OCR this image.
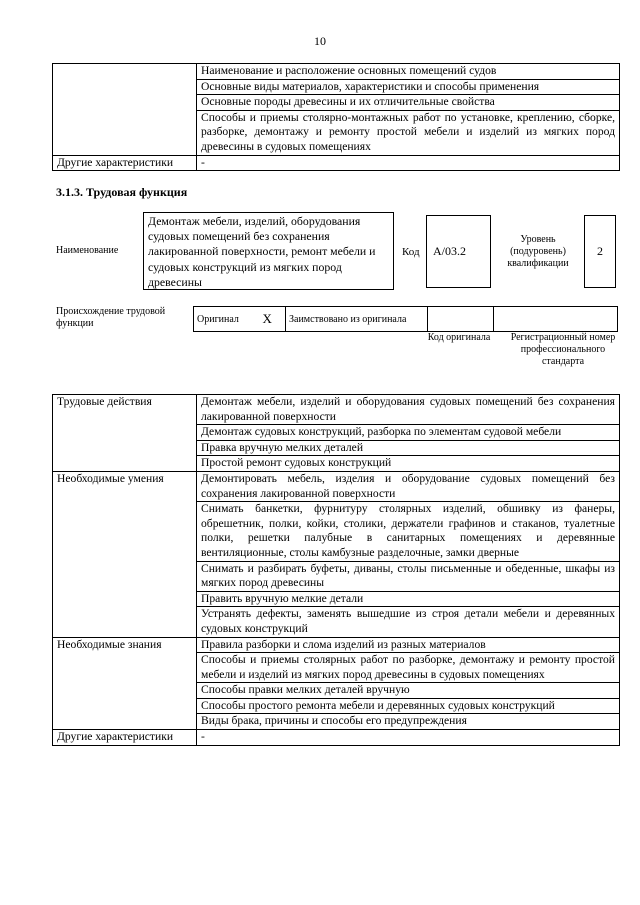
10
	Наименование и расположение основных помещений судов
	Основные виды материалов, характеристики и способы применения
	Основные породы древесины и их отличительные свойства
	Способы и приемы столярно-монтажных работ по установке, креплению, сборке, разборке, демонтажу и ремонту простой мебели и изделий из мягких пород древесины в судовых помещениях
Другие характеристики	-
3.1.3. Трудовая функция
Наименование
Демонтаж мебели, изделий, оборудования судовых помещений без сохранения лакированной поверхности, ремонт мебели и судовых конструкций из мягких пород древесины
Код	А/03.2
Уровень (подуровень) квалификации
2
Происхождение трудовой функции	Оригинал	X	Заимствовано из оригинала		
Код оригинала	Регистрационный номер профессионального стандарта
Трудовые действия	Демонтаж мебели, изделий и оборудования судовых помещений без сохранения лакированной поверхности
	Демонтаж судовых конструкций, разборка по элементам судовой мебели
	Правка вручную мелких деталей
	Простой ремонт судовых конструкций
Необходимые умения	Демонтировать мебель, изделия и оборудование судовых помещений без сохранения лакированной поверхности
	Снимать банкетки, фурнитуру столярных изделий, обшивку из фанеры, обрешетник, полки, койки, столики, держатели графинов и стаканов, туалетные полки, решетки палубные в санитарных помещениях и деревянные вентиляционные, столы камбузные разделочные, замки дверные
	Снимать и разбирать буфеты, диваны, столы письменные и обеденные, шкафы из мягких пород древесины
	Править вручную мелкие детали
	Устранять дефекты, заменять вышедшие из строя детали мебели и деревянных судовых конструкций
Необходимые знания	Правила разборки и слома изделий из разных материалов
	Способы и приемы столярных работ по разборке, демонтажу и ремонту простой мебели и изделий из мягких пород древесины в судовых помещениях
	Способы правки мелких деталей вручную
	Способы простого ремонта мебели и деревянных судовых конструкций
	Виды брака, причины и способы его предупреждения
Другие характеристики	-
